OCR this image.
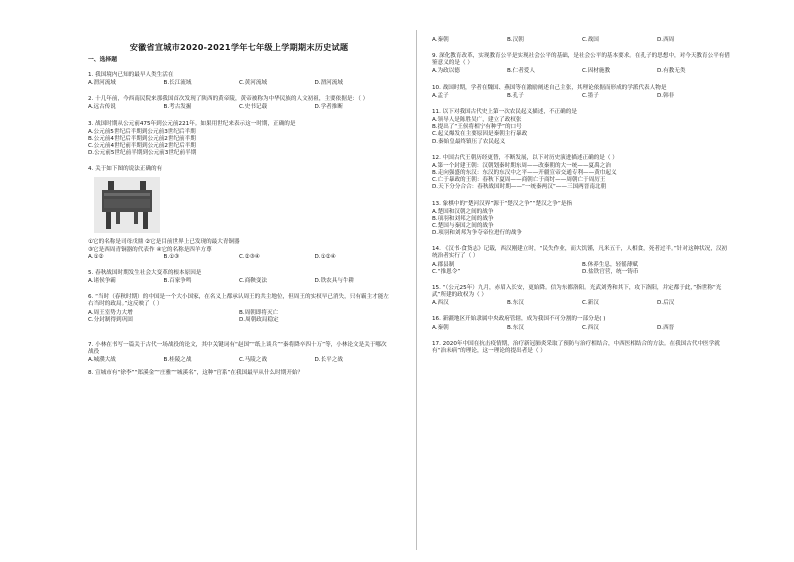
安徽省宣城市2020-2021学年七年级上学期期末历史试题
一、选择题
1. 我国境内已知的最早人类生活在
A.渭河流域	B.长江流域	C.黄河流域	D.渭河流域
2. 十几年前，今西南民院来那我国首次发现了陕西的黄帝陵，黄帝被称为中华民族的人文初祖，主要依据是：（ ）
A.远古传说	B.考古发掘	C.史书记载	D.学者推断
3. 战国时期从公元前475年到公元前221年。如果用世纪来表示这一时期，正确的是
A.公元前5世纪后半期到公元前3世纪后半期
B.公元前4世纪后半期到公元前2世纪前半期
C.公元前4世纪前半期到公元前2世纪后半期
D.公元前5世纪前半期到公元前3世纪前半期
4. 关于如下图的说法正确的有
①它的名称是司母戊鼎 ②它是目前世界上已发现的最大青铜器
③它是西周青铜器的代表作 ④它的名称是四羊方尊
A.①②	B.①③	C.②③④	D.①②④
5. 春秋战国时期发生社会大变革的根本原因是
A.诸侯争霸	B.百家争鸣	C.商鞅变法	D.铁农具与牛耕
6. “当时（春秋时期）的中国是一个大小国家，在名义上都承认周王的共主地位，但周王的实权早已消失，只有霸主才能左右当时的政局。”这反映了（ ）
A.周王室势力大增	B.周朝即将灭亡
C.分封制得到巩固	D.周朝政局稳定
7. 小林在书写一篇关于古代一场战役的论文，其中关键词有“赵国”“纸上谈兵”“秦将降卒四十万”等，小林论文是关于哪次战役
A.城濮大战	B.桂陵之战	C.马陵之战	D.长平之战
8. 宣城市有“徐李”“郑溪金”“庄雅”“城溪名”，这种“官系”在我国最早从什么时期开始？
A.秦朝	B.汉朝	C.战国	D.西周
9. 深化教育改革，实现教育公平是实现社会公平的基础，是社会公平的基本要求。在孔子的思想中，对今天教育公平有借鉴意义的是（ ）
A.为政以德	B.仁者爱人	C.因材施教	D.有教无类
10. 战国时期，学者在魏国、燕国等在激励阐述自己主张，其理论依据而形成的学派代表人物是
A.孟子	B.孔子	C.墨子	D.韩非
11. 以下对我国古代史上第一次农民起义描述，不正确的是
A.领导人是陈胜吴广，建立了政权张
B.提出了“王侯将相宁有种乎”的口号
C.起义爆发在主要原因是秦朝主行暴政
D.秦始皇最终镇压了农民起义
12. 中国古代王朝历经更替，不断发展，以下对历史演进描述正确的是（ ）
A.第一个封建王朝：汉朝划秦时期东周——改秦朝的大一统——夏禹之治
B.走向强盛的东汉：东汉的东汉中之平——开疆宣帝交通专利——黄巾起义
C.亡于暴政的王朝：春秋下夏周——商朝亡于商纣——周朝亡于周厉王
D.天下分分合合：春秋战国时期——“一统秦两汉”——三国两晋南北朝
13. 象棋中的“楚河汉界”源于“楚汉之争”“楚汉之争”是指
A.楚国和汉朝之间的战争
B.项羽和刘邦之间的战争
C.楚国与秦国之间的战争
D.项羽和刘邦为争夺帝位进行的战争
14. 《汉书·食货志》记载，西汉刚建立时，“民失作业，而大饥馑，凡米五千，人相食，死者过半。”针对这种状况，汉初统治者实行了（ ）
A.郡县制	B.休养生息，轻徭薄赋
C.“推恩令”	D.盐铁官营，统一铸币
15. “（公元25年）九月，赤眉入长安，更始降。信为东都洛阳。光武刘秀和其下，攻下洛阳，并定都于此，”指世称“光武”所建的政权为（ ）
A.西汉	B.东汉	C.新汉	D.后汉
16. 新疆地区开始隶属中央政府管辖，成为我国不可分割的一部分是( )
A.秦朝	B.东汉	C.西汉	D.西晋
17. 2020年中国在抗击疫情期，治疗新冠肺炎采取了预防与治疗相结合，中西医相结合的方法。在我国古代中医学就有“治未病”的理论，这一理论的提出者是（ ）
